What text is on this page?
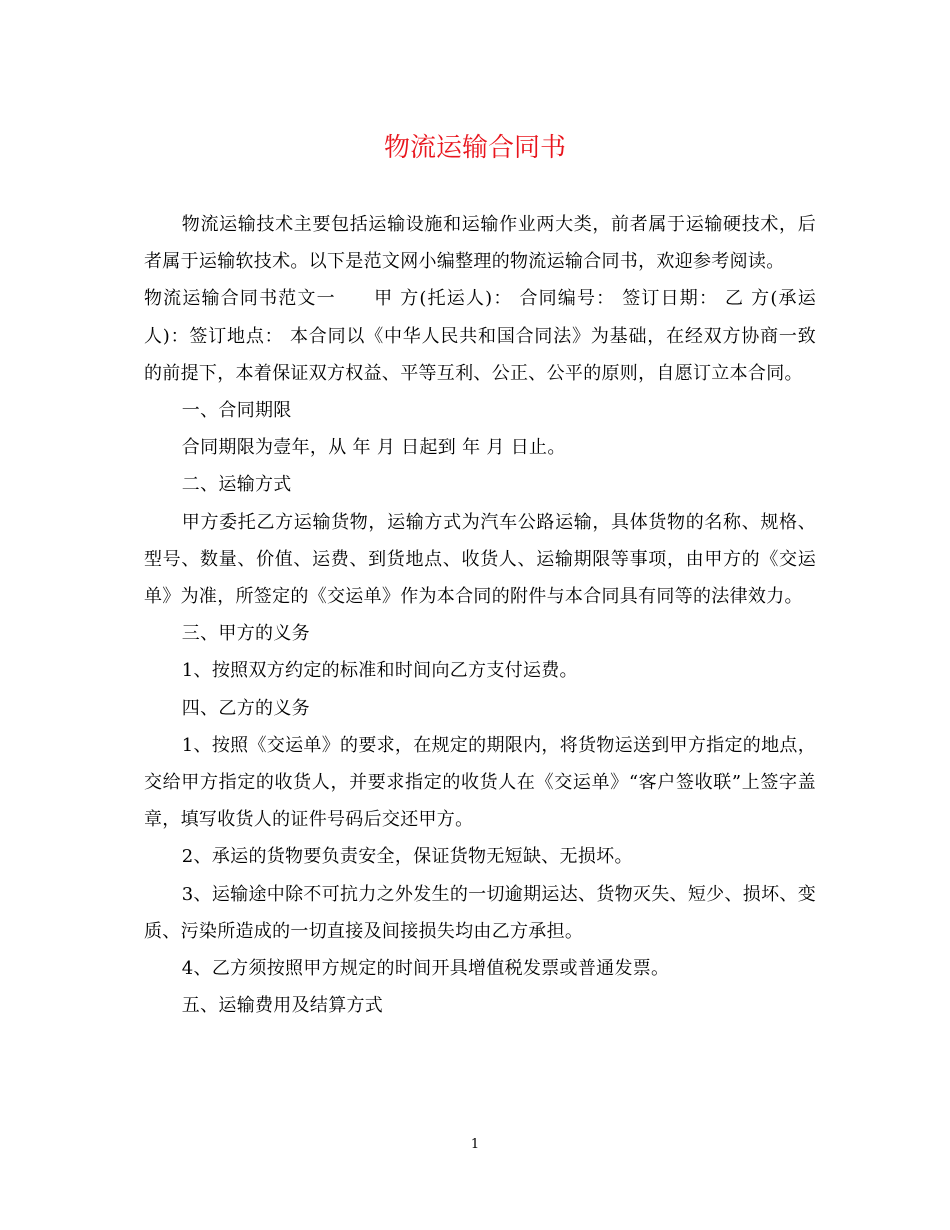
物流运输合同书

物流运输技术主要包括运输设施和运输作业两大类，前者属于运输硬技术，后者属于运输软技术。以下是范文网小编整理的物流运输合同书，欢迎参考阅读。

物流运输合同书范文一　　甲 方(托运人)： 合同编号： 签订日期： 乙 方(承运人)：签订地点： 本合同以《中华人民共和国合同法》为基础，在经双方协商一致的前提下，本着保证双方权益、平等互利、公正、公平的原则，自愿订立本合同。

一、合同期限

合同期限为壹年，从 年 月 日起到 年 月 日止。

二、运输方式

甲方委托乙方运输货物，运输方式为汽车公路运输，具体货物的名称、规格、型号、数量、价值、运费、到货地点、收货人、运输期限等事项，由甲方的《交运单》为准，所签定的《交运单》作为本合同的附件与本合同具有同等的法律效力。

三、甲方的义务

1、按照双方约定的标准和时间向乙方支付运费。

四、乙方的义务

1、按照《交运单》的要求，在规定的期限内，将货物运送到甲方指定的地点，交给甲方指定的收货人，并要求指定的收货人在《交运单》“客户签收联”上签字盖章，填写收货人的证件号码后交还甲方。

2、承运的货物要负责安全，保证货物无短缺、无损坏。

3、运输途中除不可抗力之外发生的一切逾期运达、货物灭失、短少、损坏、变质、污染所造成的一切直接及间接损失均由乙方承担。

4、乙方须按照甲方规定的时间开具增值税发票或普通发票。

五、运输费用及结算方式

1
